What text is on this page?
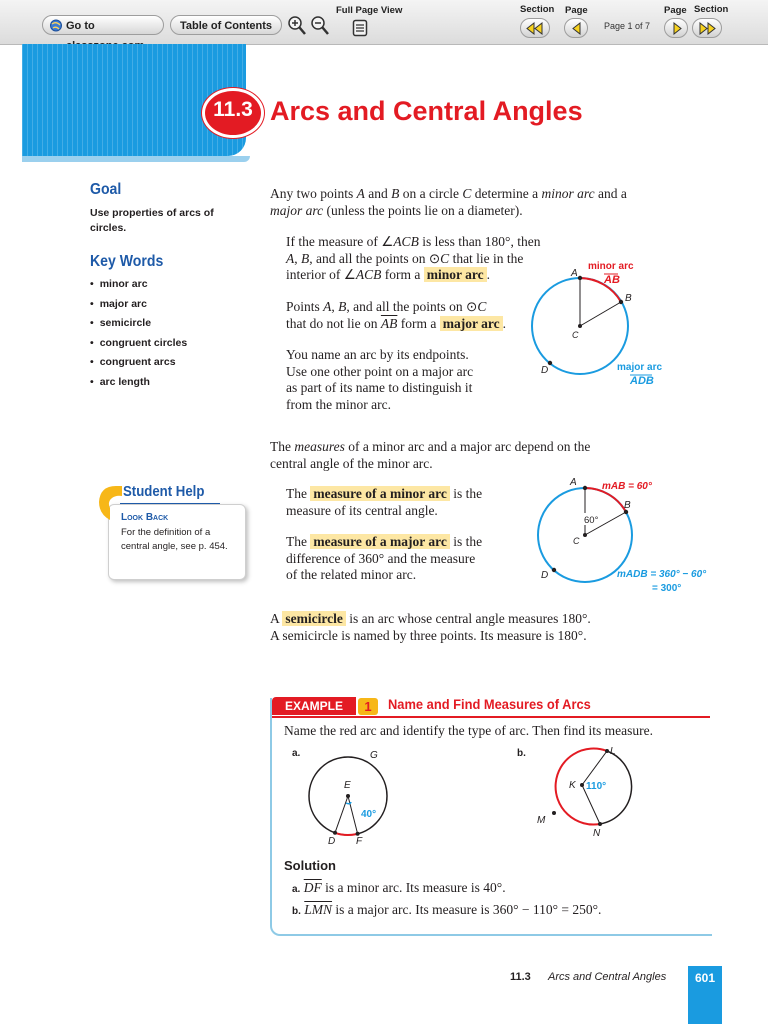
Go to	Table of Contents
Full Page View	Section Page
Page 1 of 7
Page Section
11.3 Arcs and Central Angles
Goal
Use properties of arcs of circles.
Key Words
• minor arc
• major arc
• semicircle
• congruent circles
• congruent arcs
• arc length
Student Help
Look Back
For the definition of a central angle, see p. 454.
Any two points A and B on a circle C determine a minor arc and a
major arc (unless the points lie on a diameter).
If the measure of ∠ACB is less than 180°, then
A, B, and all the points on ⊙C that lie in the
interior of ∠ACB form a minor arc .
Points A, B, and all the points on ⊙C
that do not lie on $\overline{AB}$ form a major arc .
You name an arc by its endpoints.
Use one other point on a major arc
as part of its name to distinguish it
from the minor arc.
A
B
C
D
minor arc
AB
major arc
ADB
The measures of a minor arc and a major arc depend on the
central angle of the minor arc.
The measure of a minor arc is the
measure of its central angle.
The measure of a major arc is the
difference of 360° and the measure
of the related minor arc.
60°
A
B
C
D
mAB = 60°
mADB = 360° − 60°
= 300°
A semicircle is an arc whose central angle measures 180°.
A semicircle is named by three points. Its measure is 180°.
EXAMPLE	1	Name and Find Measures of Arcs
Name the red arc and identify the type of arc. Then find its measure.
a.	b.
G
E
40°
D F
L
K 110°
M
N
Solution
a. $\overline{DF}$ is a minor arc. Its measure is 40°.
b. $\overline{LMN}$ is a major arc. Its measure is 360° − 110° = 250°.
11.3 Arcs and Central Angles	601
